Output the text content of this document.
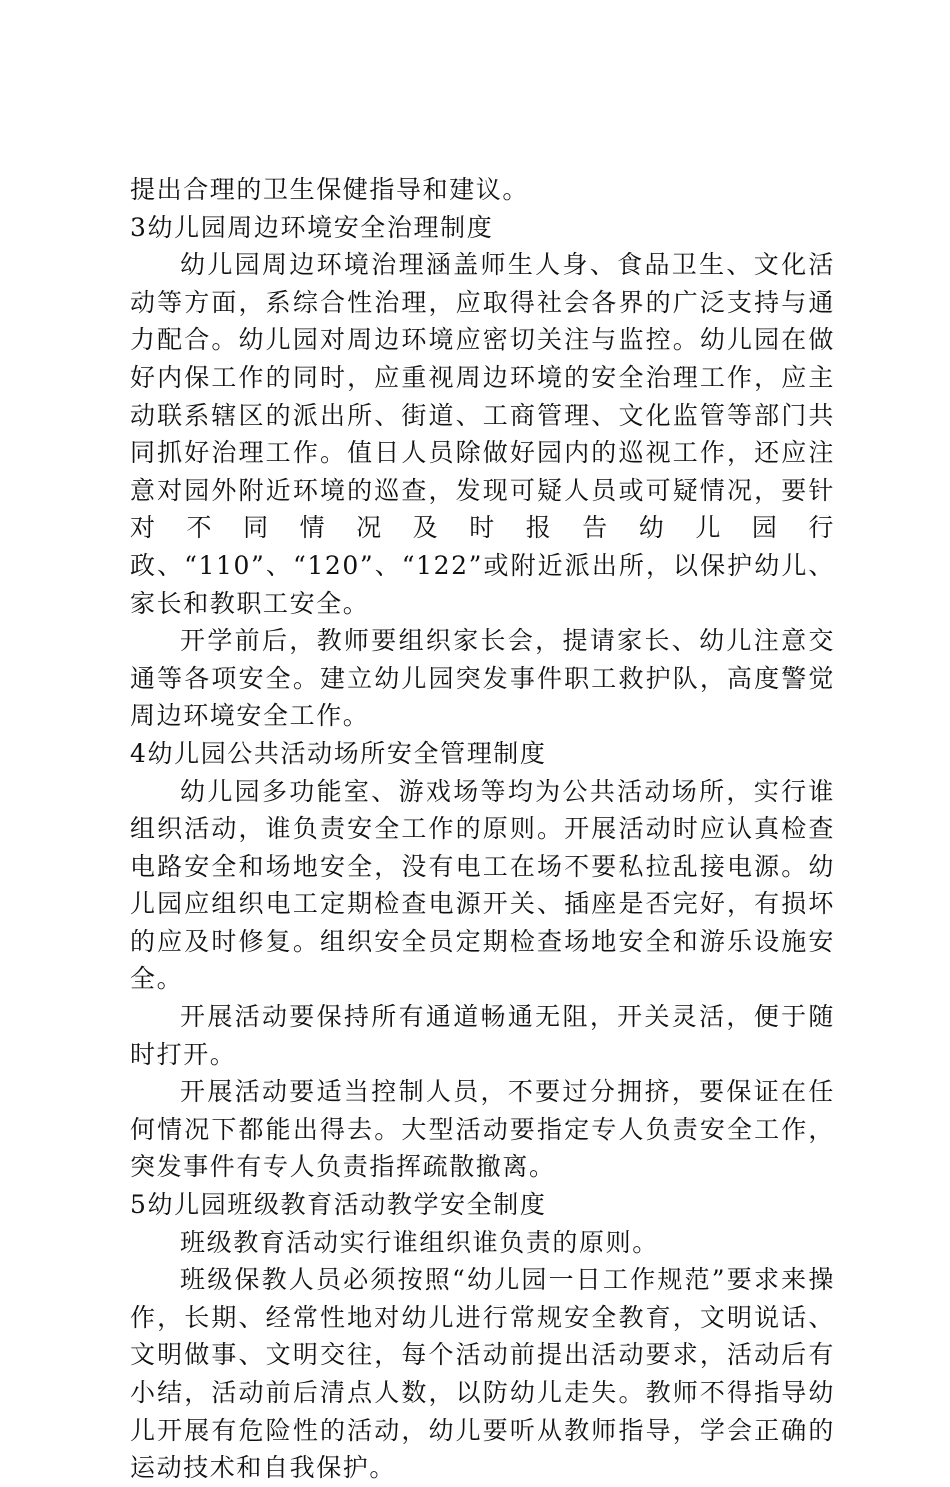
提出合理的卫生保健指导和建议。

3幼儿园周边环境安全治理制度

幼儿园周边环境治理涵盖师生人身、食品卫生、文化活动等方面，系综合性治理，应取得社会各界的广泛支持与通力配合。幼儿园对周边环境应密切关注与监控。幼儿园在做好内保工作的同时，应重视周边环境的安全治理工作，应主动联系辖区的派出所、街道、工商管理、文化监管等部门共同抓好治理工作。值日人员除做好园内的巡视工作，还应注意对园外附近环境的巡查，发现可疑人员或可疑情况，要针对不同情况及时报告幼儿园行政、“110”、“120”、“122”或附近派出所，以保护幼儿、家长和教职工安全。

开学前后，教师要组织家长会，提请家长、幼儿注意交通等各项安全。建立幼儿园突发事件职工救护队，高度警觉周边环境安全工作。

4幼儿园公共活动场所安全管理制度

幼儿园多功能室、游戏场等均为公共活动场所，实行谁组织活动，谁负责安全工作的原则。开展活动时应认真检查电路安全和场地安全，没有电工在场不要私拉乱接电源。幼儿园应组织电工定期检查电源开关、插座是否完好，有损坏的应及时修复。组织安全员定期检查场地安全和游乐设施安全。

开展活动要保持所有通道畅通无阻，开关灵活，便于随时打开。

开展活动要适当控制人员，不要过分拥挤，要保证在任何情况下都能出得去。大型活动要指定专人负责安全工作，突发事件有专人负责指挥疏散撤离。

5幼儿园班级教育活动教学安全制度

班级教育活动实行谁组织谁负责的原则。

班级保教人员必须按照“幼儿园一日工作规范”要求来操作，长期、经常性地对幼儿进行常规安全教育，文明说话、文明做事、文明交往，每个活动前提出活动要求，活动后有小结，活动前后清点人数，以防幼儿走失。教师不得指导幼儿开展有危险性的活动，幼儿要听从教师指导，学会正确的运动技术和自我保护。
